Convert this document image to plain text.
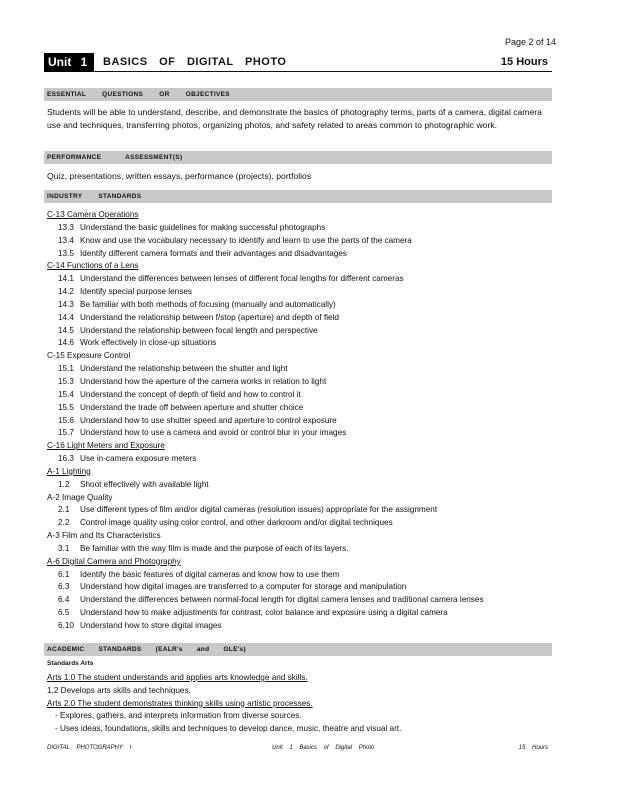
Page 2 of 14
Unit 1	BASICS OF DIGITAL PHOTO	15 Hours
ESSENTIAL QUESTIONS OR OBJECTIVES
Students will be able to understand, describe, and demonstrate the basics of photography terms, parts of a camera, digital camera use and techniques, transferring photos, organizing photos, and safety related to areas common to photographic work.
PERFORMANCE ASSESSMENT(S)
Quiz, presentations, written essays, performance (projects), portfolios
INDUSTRY STANDARDS
C-13 Camera Operations
13.3 Understand the basic guidelines for making successful photographs
13.4 Know and use the vocabulary necessary to identify and learn to use the parts of the camera
13.5 Identify different camera formats and their advantages and disadvantages
C-14 Functions of a Lens
14.1 Understand the differences between lenses of different focal lengths for different cameras
14.2 Identify special purpose lenses
14.3 Be familiar with both methods of focusing (manually and automatically)
14.4 Understand the relationship between f/stop (aperture) and depth of field
14.5 Understand the relationship between focal length and perspective
14.6 Work effectively in close-up situations
C-15 Exposure Control
15.1 Understand the relationship between the shutter and light
15.3 Understand how the aperture of the camera works in relation to light
15.4 Understand the concept of depth of field and how to control it
15.5 Understand the trade off between aperture and shutter choice
15.6 Understand how to use shutter speed and aperture to control exposure
15.7 Understand how to use a camera and avoid or control blur in your images
C-16 Light Meters and Exposure
16.3 Use in-camera exposure meters
A-1 Lighting
1.2 Shoot effectively with available light
A-2 Image Quality
2.1 Use different types of film and/or digital cameras (resolution issues) appropriate for the assignment
2.2 Control image quality using color control, and other darkroom and/or digital techniques
A-3 Film and Its Characteristics
3.1 Be familiar with the way film is made and the purpose of each of its layers.
A-6 Digital Camera and Photography
6.1 Identify the basic features of digital cameras and know how to use them
6.3 Understand how digital images are transferred to a computer for storage and manipulation
6.4 Understand the differences between normal-focal length for digital camera lenses and traditional camera lenses
6.5 Understand how to make adjustments for contrast, color balance and exposure using a digital camera
6.10 Understand how to store digital images
ACADEMIC STANDARDS (EALR's and GLE's)
Standards Arts
Arts 1.0 The student understands and applies arts knowledge and skills.
1.2 Develops arts skills and techniques.
Arts 2.0 The student demonstrates thinking skills using artistic processes.
- Explores, gathers, and interprets information from diverse sources.
- Uses ideas, foundations, skills and techniques to develop dance, music, theatre and visual art.
DIGITAL PHOTOGRAPHY I	Unit 1 Basics of Digital Photo	15 Hours
